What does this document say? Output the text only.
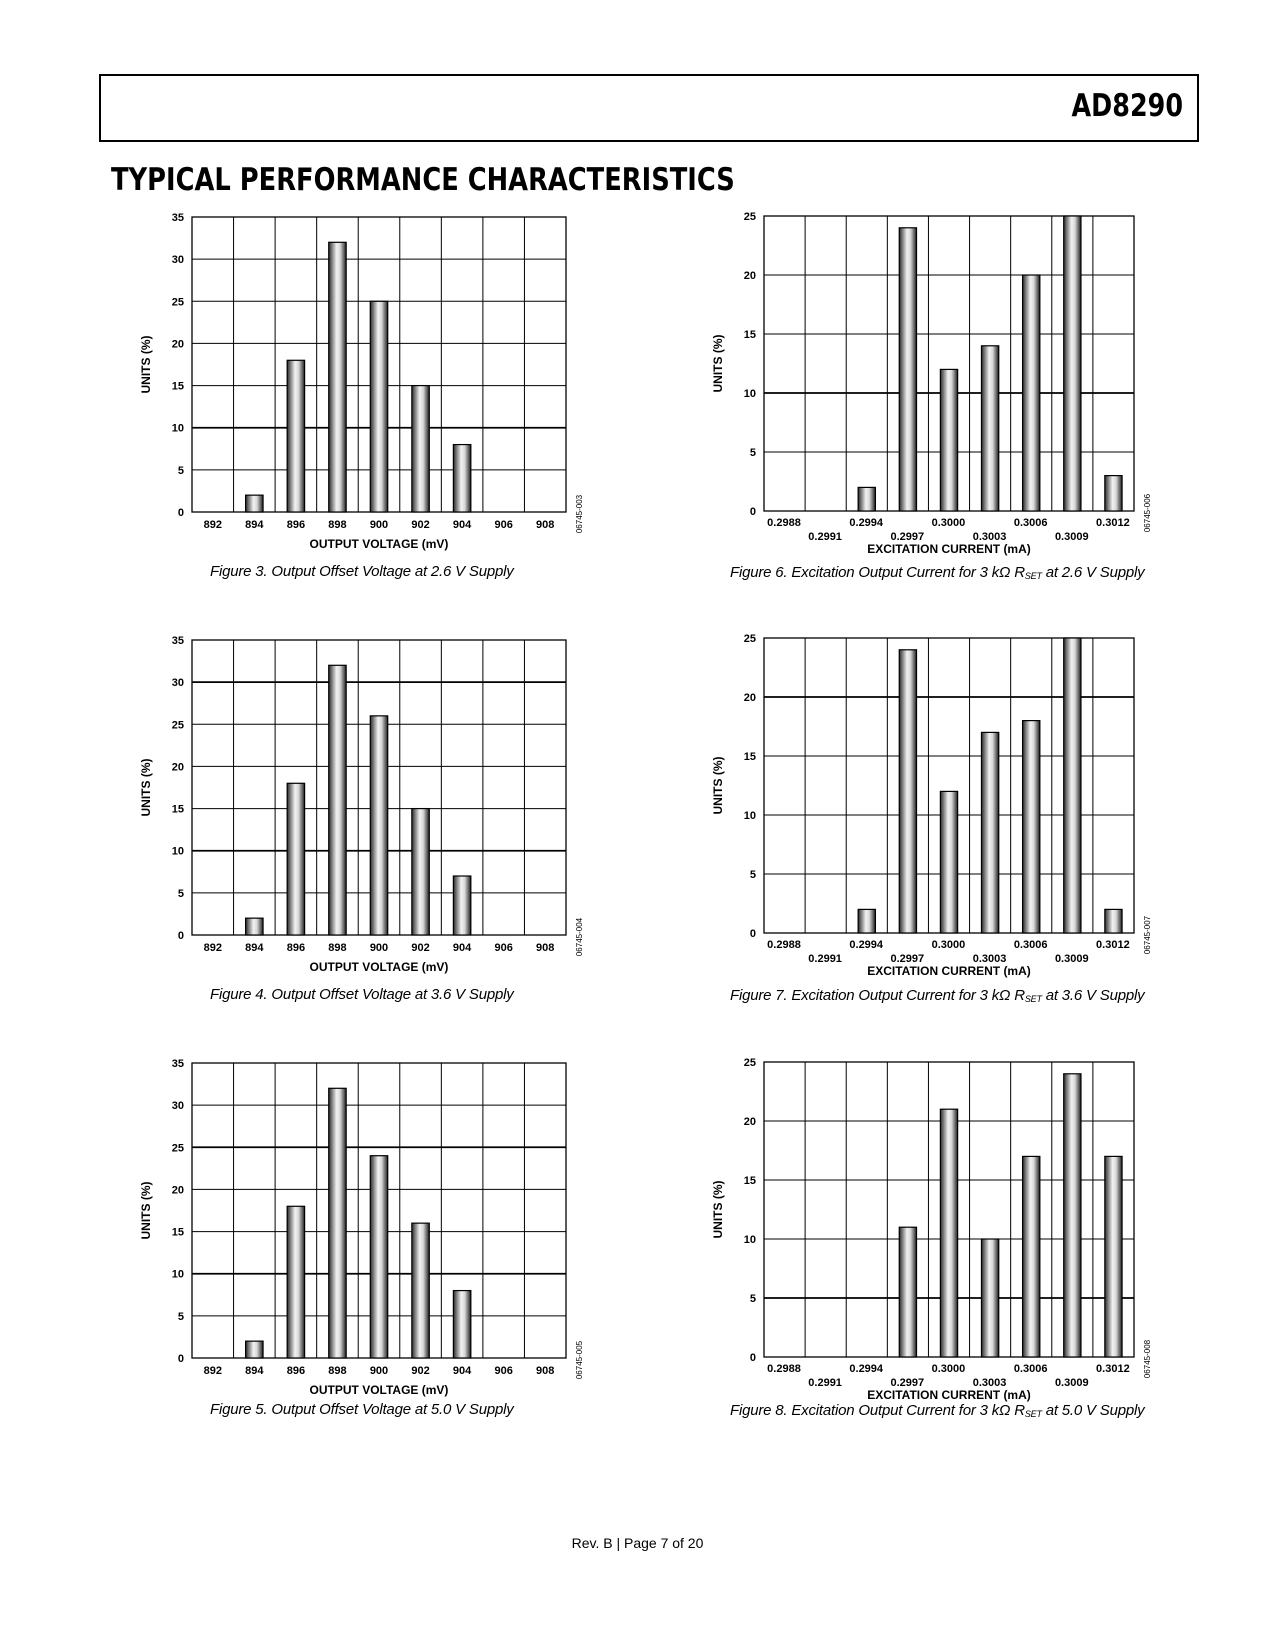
AD8290
TYPICAL PERFORMANCE CHARACTERISTICS
0
5
10
15
20
25
30
35
892 894 896 898 900 902 904 906 908
OUTPUT VOLTAGE (mV)
UNITS (%)
06745-003
0
5
10
15
20
25
30
35
892 894 896 898 900 902 904 906 908
OUTPUT VOLTAGE (mV)
UNITS (%)
06745-004
0
5
10
15
20
25
30
35
892 894 896 898 900 902 904 906 908
OUTPUT VOLTAGE (mV)
UNITS (%)
06745-005
0
5
10
15
20
25
0.2988
0.2991
0.2994
0.2997
0.3000
0.3003
0.3006
0.3009
0.3012
EXCITATION CURRENT (mA)
UNITS (%)
06745-006
0
5
10
15
20
25
0.2988
0.2991
0.2994
0.2997
0.3000
0.3003
0.3006
0.3009
0.3012
EXCITATION CURRENT (mA)
UNITS (%)
06745-007
0
5
10
15
20
25
0.2988
0.2991
0.2994
0.2997
0.3000
0.3003
0.3006
0.3009
0.3012
EXCITATION CURRENT (mA)
UNITS (%)
06745-008
Figure 3. Output Offset Voltage at 2.6 V Supply
Figure 4. Output Offset Voltage at 3.6 V Supply
Figure 5. Output Offset Voltage at 5.0 V Supply
Figure 6. Excitation Output Current for 3 kΩ $R_{SET}$ at 2.6 V Supply
Figure 7. Excitation Output Current for 3 kΩ $R_{SET}$ at 3.6 V Supply
Figure 8. Excitation Output Current for 3 kΩ $R_{SET}$ at 5.0 V Supply
Rev. B | Page 7 of 20
